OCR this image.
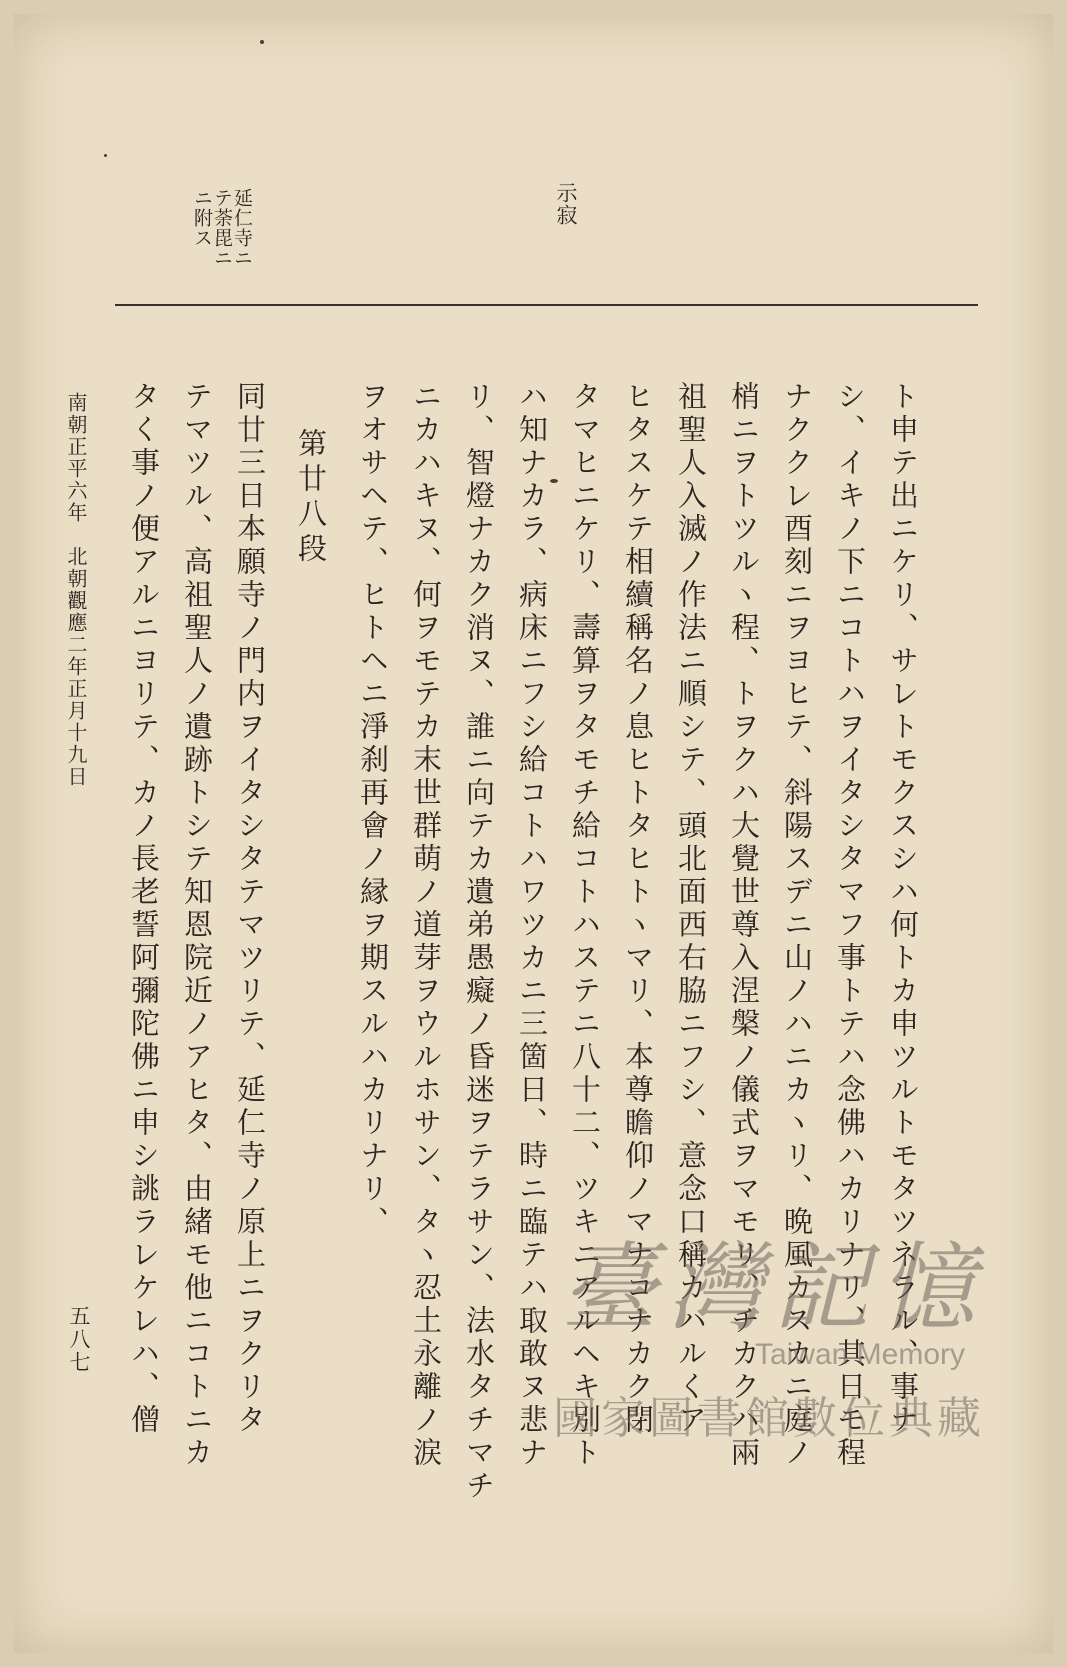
示寂
延仁寺ニ
テ荼毘ニ
ニ附ス
ト申テ出ニケリ、サレトモクスシハ何トカ申ツルトモタツネラル、事ナ
シ、イキノ下ニコトハヲイタシタマフ事トテハ念佛ハカリナリ、其日モ程
ナククレ酉刻ニヲヨヒテ、斜陽スデニ山ノハニカヽリ、晩風カスカニ庭ノ
梢ニヲトツルヽ程、トヲクハ大覺世尊入涅槃ノ儀式ヲマモリ、チカクハ兩
祖聖人入滅ノ作法ニ順シテ、頭北面西右脇ニフシ、意念口稱カハルくア
ヒタスケテ相續稱名ノ息ヒトタヒトヽマリ、本尊瞻仰ノマナコナカク閉
タマヒニケリ、壽算ヲタモチ給コトハステニ八十二、ツキニアルヘキ別ト
ハ知ナカラ、病床ニフシ給コトハワツカニ三箇日、時ニ臨テハ取敢ヌ悲ナ
リ、智燈ナカク消ヌ、誰ニ向テカ遺弟愚癡ノ昏迷ヲテラサン、法水タチマチ
ニカハキヌ、何ヲモテカ末世群萌ノ道芽ヲウルホサン、タヽ忍土永離ノ涙
ヲオサヘテ、ヒトヘニ淨刹再會ノ縁ヲ期スルハカリナリ、
第廿八段
同廿三日本願寺ノ門内ヲイタシタテマツリテ、延仁寺ノ原上ニヲクリタ
テマツル、高祖聖人ノ遺跡トシテ知恩院近ノアヒタ、由緒モ他ニコトニカ
タく事ノ便アルニヨリテ、カノ長老誓阿彌陀佛ニ申シ誂ラレケレハ、僧
南朝正平六年　北朝觀應二年正月十九日
五八七	臺灣記憶
Taiwan Memory
國家圖書館數位典藏
